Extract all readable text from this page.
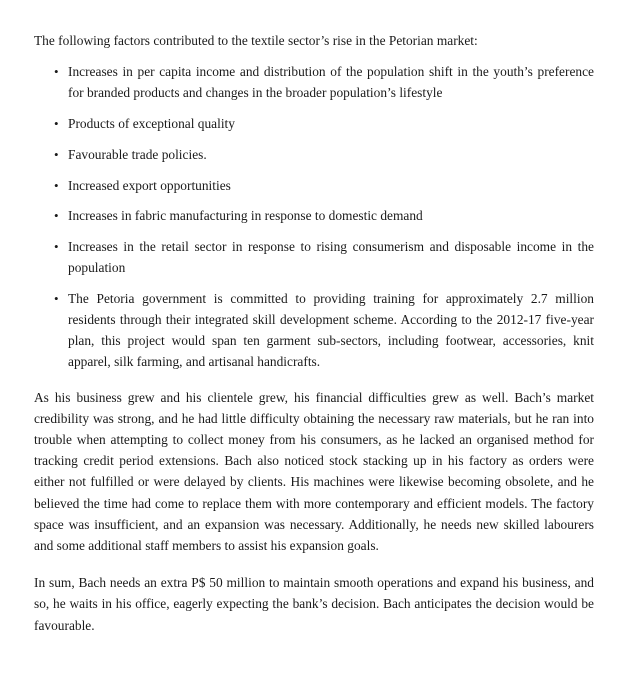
The following factors contributed to the textile sector’s rise in the Petorian market:

• Increases in per capita income and distribution of the population shift in the youth’s preference for branded products and changes in the broader population’s lifestyle
• Products of exceptional quality
• Favourable trade policies.
• Increased export opportunities
• Increases in fabric manufacturing in response to domestic demand
• Increases in the retail sector in response to rising consumerism and disposable income in the population
• The Petoria government is committed to providing training for approximately 2.7 million residents through their integrated skill development scheme. According to the 2012-17 five-year plan, this project would span ten garment sub-sectors, including footwear, accessories, knit apparel, silk farming, and artisanal handicrafts.

As his business grew and his clientele grew, his financial difficulties grew as well. Bach’s market credibility was strong, and he had little difficulty obtaining the necessary raw materials, but he ran into trouble when attempting to collect money from his consumers, as he lacked an organised method for tracking credit period extensions. Bach also noticed stock stacking up in his factory as orders were either not fulfilled or were delayed by clients. His machines were likewise becoming obsolete, and he believed the time had come to replace them with more contemporary and efficient models. The factory space was insufficient, and an expansion was necessary. Additionally, he needs new skilled labourers and some additional staff members to assist his expansion goals.

In sum, Bach needs an extra P$ 50 million to maintain smooth operations and expand his business, and so, he waits in his office, eagerly expecting the bank’s decision. Bach anticipates the decision would be favourable.
